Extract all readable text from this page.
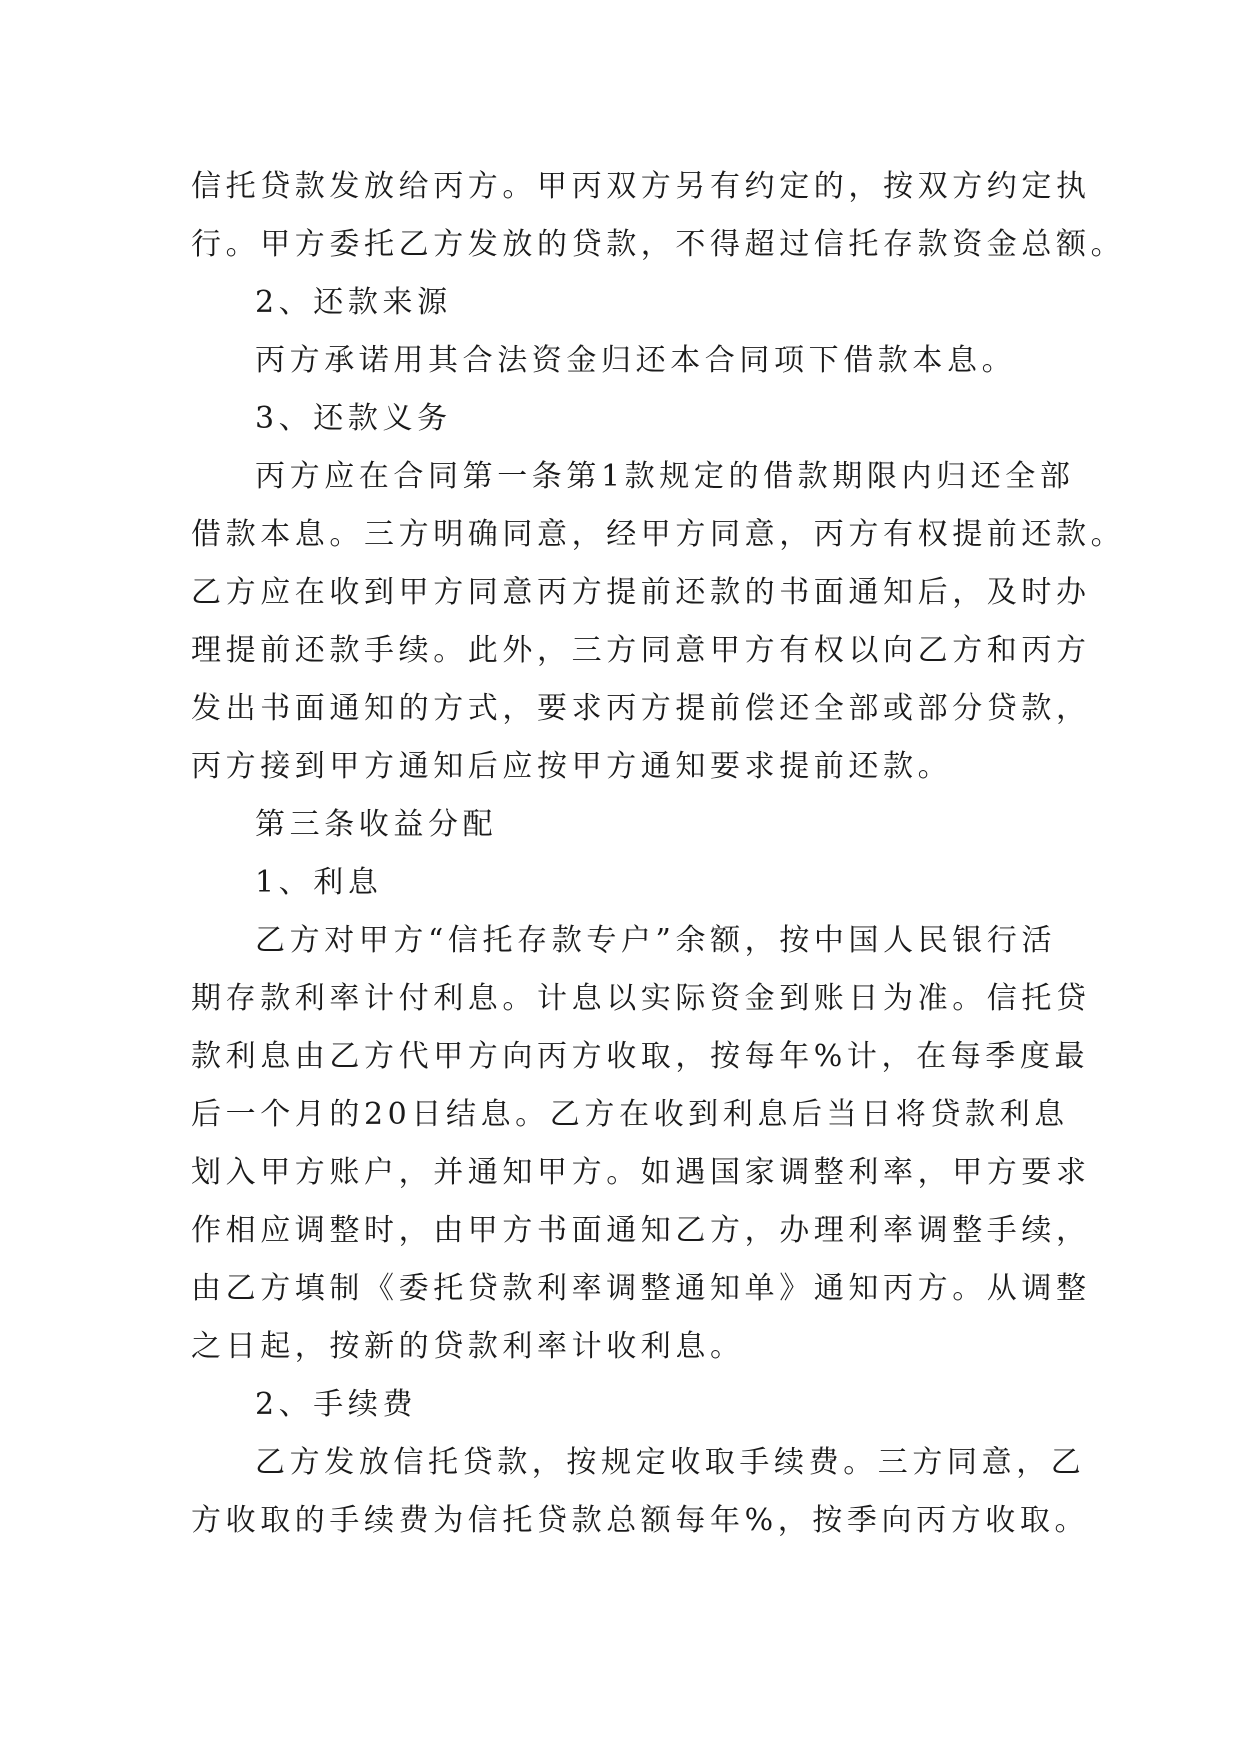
信托贷款发放给丙方。甲丙双方另有约定的，按双方约定执
行。甲方委托乙方发放的贷款，不得超过信托存款资金总额。
2、还款来源
丙方承诺用其合法资金归还本合同项下借款本息。
3、还款义务
丙方应在合同第一条第1款规定的借款期限内归还全部
借款本息。三方明确同意，经甲方同意，丙方有权提前还款。
乙方应在收到甲方同意丙方提前还款的书面通知后，及时办
理提前还款手续。此外，三方同意甲方有权以向乙方和丙方
发出书面通知的方式，要求丙方提前偿还全部或部分贷款，
丙方接到甲方通知后应按甲方通知要求提前还款。
第三条收益分配
1、利息
乙方对甲方“信托存款专户”余额，按中国人民银行活
期存款利率计付利息。计息以实际资金到账日为准。信托贷
款利息由乙方代甲方向丙方收取，按每年%计，在每季度最
后一个月的20日结息。乙方在收到利息后当日将贷款利息
划入甲方账户，并通知甲方。如遇国家调整利率，甲方要求
作相应调整时，由甲方书面通知乙方，办理利率调整手续，
由乙方填制《委托贷款利率调整通知单》通知丙方。从调整
之日起，按新的贷款利率计收利息。
2、手续费
乙方发放信托贷款，按规定收取手续费。三方同意，乙
方收取的手续费为信托贷款总额每年%，按季向丙方收取。
